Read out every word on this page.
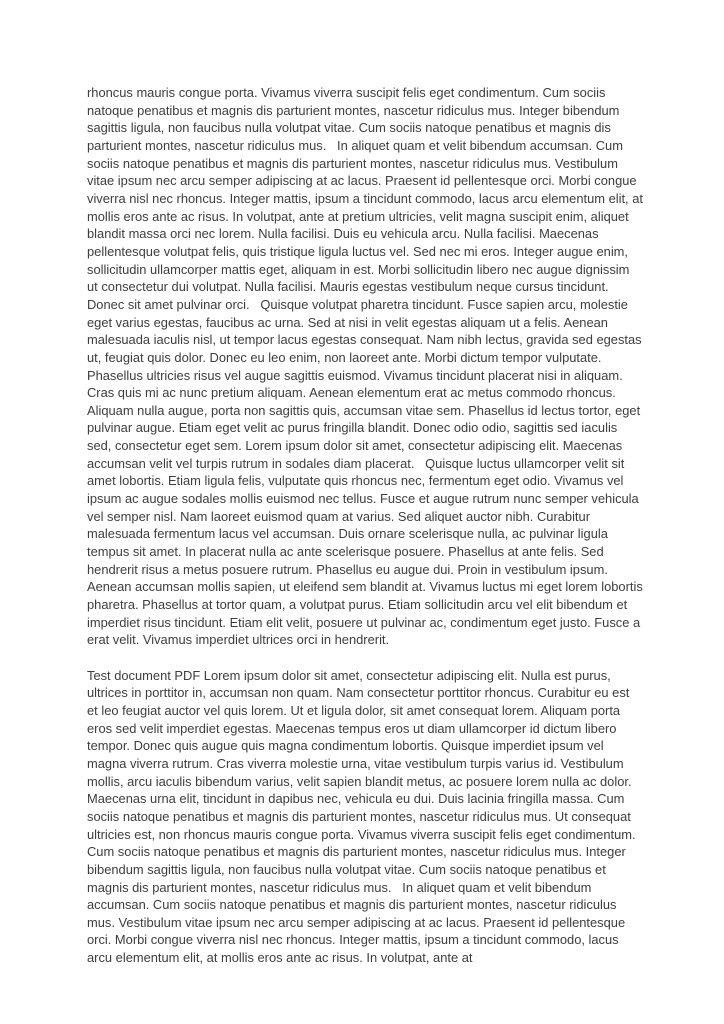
rhoncus mauris congue porta. Vivamus viverra suscipit felis eget condimentum. Cum sociis natoque penatibus et magnis dis parturient montes, nascetur ridiculus mus. Integer bibendum sagittis ligula, non faucibus nulla volutpat vitae. Cum sociis natoque penatibus et magnis dis parturient montes, nascetur ridiculus mus.   In aliquet quam et velit bibendum accumsan. Cum sociis natoque penatibus et magnis dis parturient montes, nascetur ridiculus mus. Vestibulum vitae ipsum nec arcu semper adipiscing at ac lacus. Praesent id pellentesque orci. Morbi congue viverra nisl nec rhoncus. Integer mattis, ipsum a tincidunt commodo, lacus arcu elementum elit, at mollis eros ante ac risus. In volutpat, ante at pretium ultricies, velit magna suscipit enim, aliquet blandit massa orci nec lorem. Nulla facilisi. Duis eu vehicula arcu. Nulla facilisi. Maecenas pellentesque volutpat felis, quis tristique ligula luctus vel. Sed nec mi eros. Integer augue enim, sollicitudin ullamcorper mattis eget, aliquam in est. Morbi sollicitudin libero nec augue dignissim ut consectetur dui volutpat. Nulla facilisi. Mauris egestas vestibulum neque cursus tincidunt. Donec sit amet pulvinar orci.   Quisque volutpat pharetra tincidunt. Fusce sapien arcu, molestie eget varius egestas, faucibus ac urna. Sed at nisi in velit egestas aliquam ut a felis. Aenean malesuada iaculis nisl, ut tempor lacus egestas consequat. Nam nibh lectus, gravida sed egestas ut, feugiat quis dolor. Donec eu leo enim, non laoreet ante. Morbi dictum tempor vulputate. Phasellus ultricies risus vel augue sagittis euismod. Vivamus tincidunt placerat nisi in aliquam. Cras quis mi ac nunc pretium aliquam. Aenean elementum erat ac metus commodo rhoncus. Aliquam nulla augue, porta non sagittis quis, accumsan vitae sem. Phasellus id lectus tortor, eget pulvinar augue. Etiam eget velit ac purus fringilla blandit. Donec odio odio, sagittis sed iaculis sed, consectetur eget sem. Lorem ipsum dolor sit amet, consectetur adipiscing elit. Maecenas accumsan velit vel turpis rutrum in sodales diam placerat.   Quisque luctus ullamcorper velit sit amet lobortis. Etiam ligula felis, vulputate quis rhoncus nec, fermentum eget odio. Vivamus vel ipsum ac augue sodales mollis euismod nec tellus. Fusce et augue rutrum nunc semper vehicula vel semper nisl. Nam laoreet euismod quam at varius. Sed aliquet auctor nibh. Curabitur malesuada fermentum lacus vel accumsan. Duis ornare scelerisque nulla, ac pulvinar ligula tempus sit amet. In placerat nulla ac ante scelerisque posuere. Phasellus at ante felis. Sed hendrerit risus a metus posuere rutrum. Phasellus eu augue dui. Proin in vestibulum ipsum. Aenean accumsan mollis sapien, ut eleifend sem blandit at. Vivamus luctus mi eget lorem lobortis pharetra. Phasellus at tortor quam, a volutpat purus. Etiam sollicitudin arcu vel elit bibendum et imperdiet risus tincidunt. Etiam elit velit, posuere ut pulvinar ac, condimentum eget justo. Fusce a erat velit. Vivamus imperdiet ultrices orci in hendrerit.

Test document PDF Lorem ipsum dolor sit amet, consectetur adipiscing elit. Nulla est purus, ultrices in porttitor in, accumsan non quam. Nam consectetur porttitor rhoncus. Curabitur eu est et leo feugiat auctor vel quis lorem. Ut et ligula dolor, sit amet consequat lorem. Aliquam porta eros sed velit imperdiet egestas. Maecenas tempus eros ut diam ullamcorper id dictum libero tempor. Donec quis augue quis magna condimentum lobortis. Quisque imperdiet ipsum vel magna viverra rutrum. Cras viverra molestie urna, vitae vestibulum turpis varius id. Vestibulum mollis, arcu iaculis bibendum varius, velit sapien blandit metus, ac posuere lorem nulla ac dolor. Maecenas urna elit, tincidunt in dapibus nec, vehicula eu dui. Duis lacinia fringilla massa. Cum sociis natoque penatibus et magnis dis parturient montes, nascetur ridiculus mus. Ut consequat ultricies est, non rhoncus mauris congue porta. Vivamus viverra suscipit felis eget condimentum. Cum sociis natoque penatibus et magnis dis parturient montes, nascetur ridiculus mus. Integer bibendum sagittis ligula, non faucibus nulla volutpat vitae. Cum sociis natoque penatibus et magnis dis parturient montes, nascetur ridiculus mus.   In aliquet quam et velit bibendum accumsan. Cum sociis natoque penatibus et magnis dis parturient montes, nascetur ridiculus mus. Vestibulum vitae ipsum nec arcu semper adipiscing at ac lacus. Praesent id pellentesque orci. Morbi congue viverra nisl nec rhoncus. Integer mattis, ipsum a tincidunt commodo, lacus arcu elementum elit, at mollis eros ante ac risus. In volutpat, ante at
